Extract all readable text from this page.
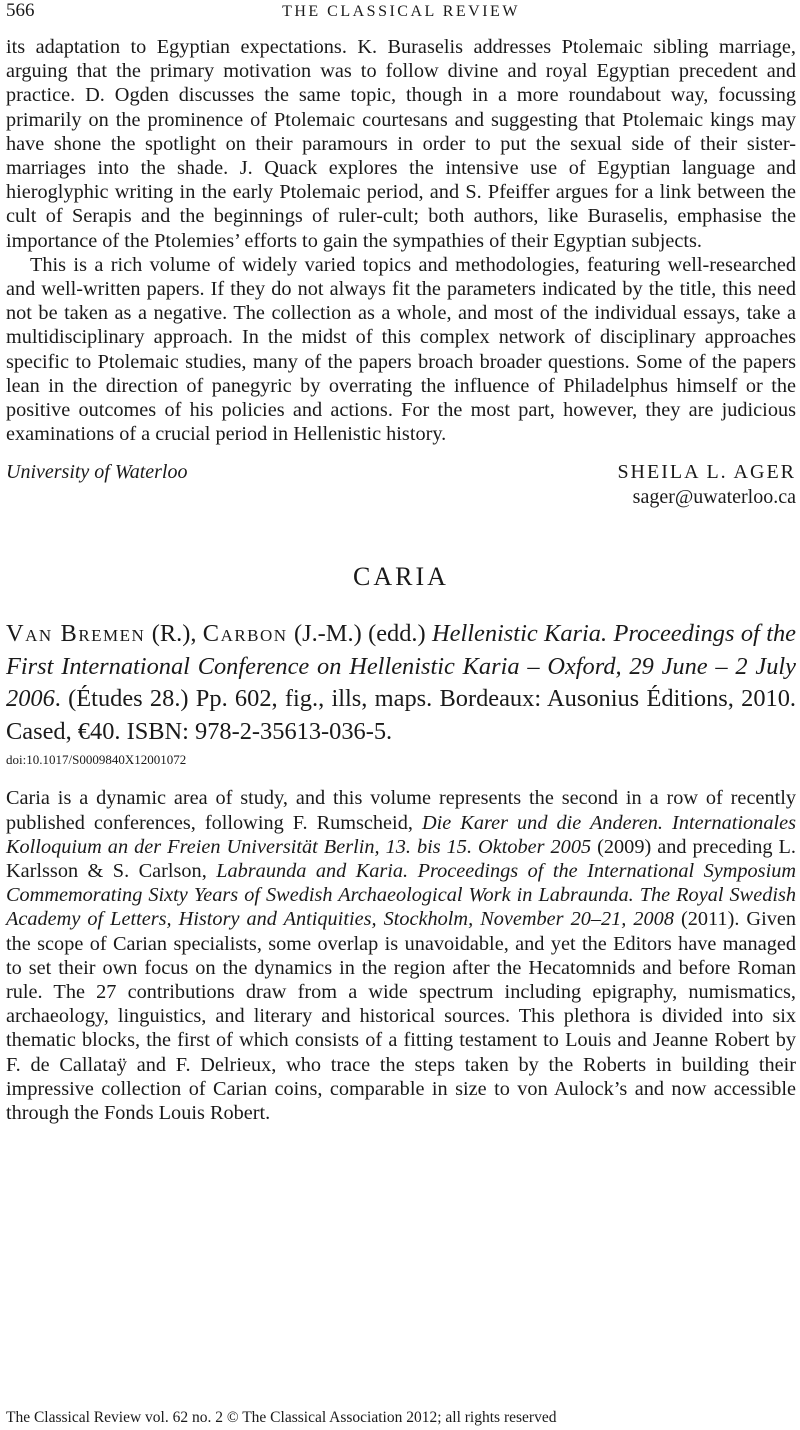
566	THE CLASSICAL REVIEW

its adaptation to Egyptian expectations. K. Buraselis addresses Ptolemaic sibling marriage, arguing that the primary motivation was to follow divine and royal Egyptian precedent and practice. D. Ogden discusses the same topic, though in a more roundabout way, focussing primarily on the prominence of Ptolemaic courtesans and suggesting that Ptolemaic kings may have shone the spotlight on their paramours in order to put the sexual side of their sister-marriages into the shade. J. Quack explores the intensive use of Egyptian language and hieroglyphic writing in the early Ptolemaic period, and S. Pfeiffer argues for a link between the cult of Serapis and the beginnings of ruler-cult; both authors, like Buraselis, emphasise the importance of the Ptolemies’ efforts to gain the sympathies of their Egyptian subjects.

This is a rich volume of widely varied topics and methodologies, featuring well-researched and well-written papers. If they do not always fit the parameters indicated by the title, this need not be taken as a negative. The collection as a whole, and most of the individual essays, take a multidisciplinary approach. In the midst of this complex network of disciplinary approaches specific to Ptolemaic studies, many of the papers broach broader questions. Some of the papers lean in the direction of panegyric by overrating the influence of Philadelphus himself or the positive outcomes of his policies and actions. For the most part, however, they are judicious examinations of a crucial period in Hellenistic history.

University of Waterloo	SHEILA L. AGER
sager@uwaterloo.ca
CARIA
Van Bremen (R.), Carbon (J.-M.) (edd.) Hellenistic Karia. Proceedings of the First International Conference on Hellenistic Karia – Oxford, 29 June – 2 July 2006. (Études 28.) Pp. 602, fig., ills, maps. Bordeaux: Ausonius Éditions, 2010. Cased, €40. ISBN: 978-2-35613-036-5.
doi:10.1017/S0009840X12001072

Caria is a dynamic area of study, and this volume represents the second in a row of recently published conferences, following F. Rumscheid, Die Karer und die Anderen. Internationales Kolloquium an der Freien Universität Berlin, 13. bis 15. Oktober 2005 (2009) and preceding L. Karlsson & S. Carlson, Labraunda and Karia. Proceedings of the International Symposium Commemorating Sixty Years of Swedish Archaeological Work in Labraunda. The Royal Swedish Academy of Letters, History and Antiquities, Stockholm, November 20–21, 2008 (2011). Given the scope of Carian specialists, some overlap is unavoidable, and yet the Editors have managed to set their own focus on the dynamics in the region after the Hecatomnids and before Roman rule. The 27 contributions draw from a wide spectrum including epigraphy, numismatics, archaeology, linguistics, and literary and historical sources. This plethora is divided into six thematic blocks, the first of which consists of a fitting testament to Louis and Jeanne Robert by F. de Callataÿ and F. Delrieux, who trace the steps taken by the Roberts in building their impressive collection of Carian coins, comparable in size to von Aulock’s and now accessible through the Fonds Louis Robert.

The Classical Review vol. 62 no. 2 © The Classical Association 2012; all rights reserved
